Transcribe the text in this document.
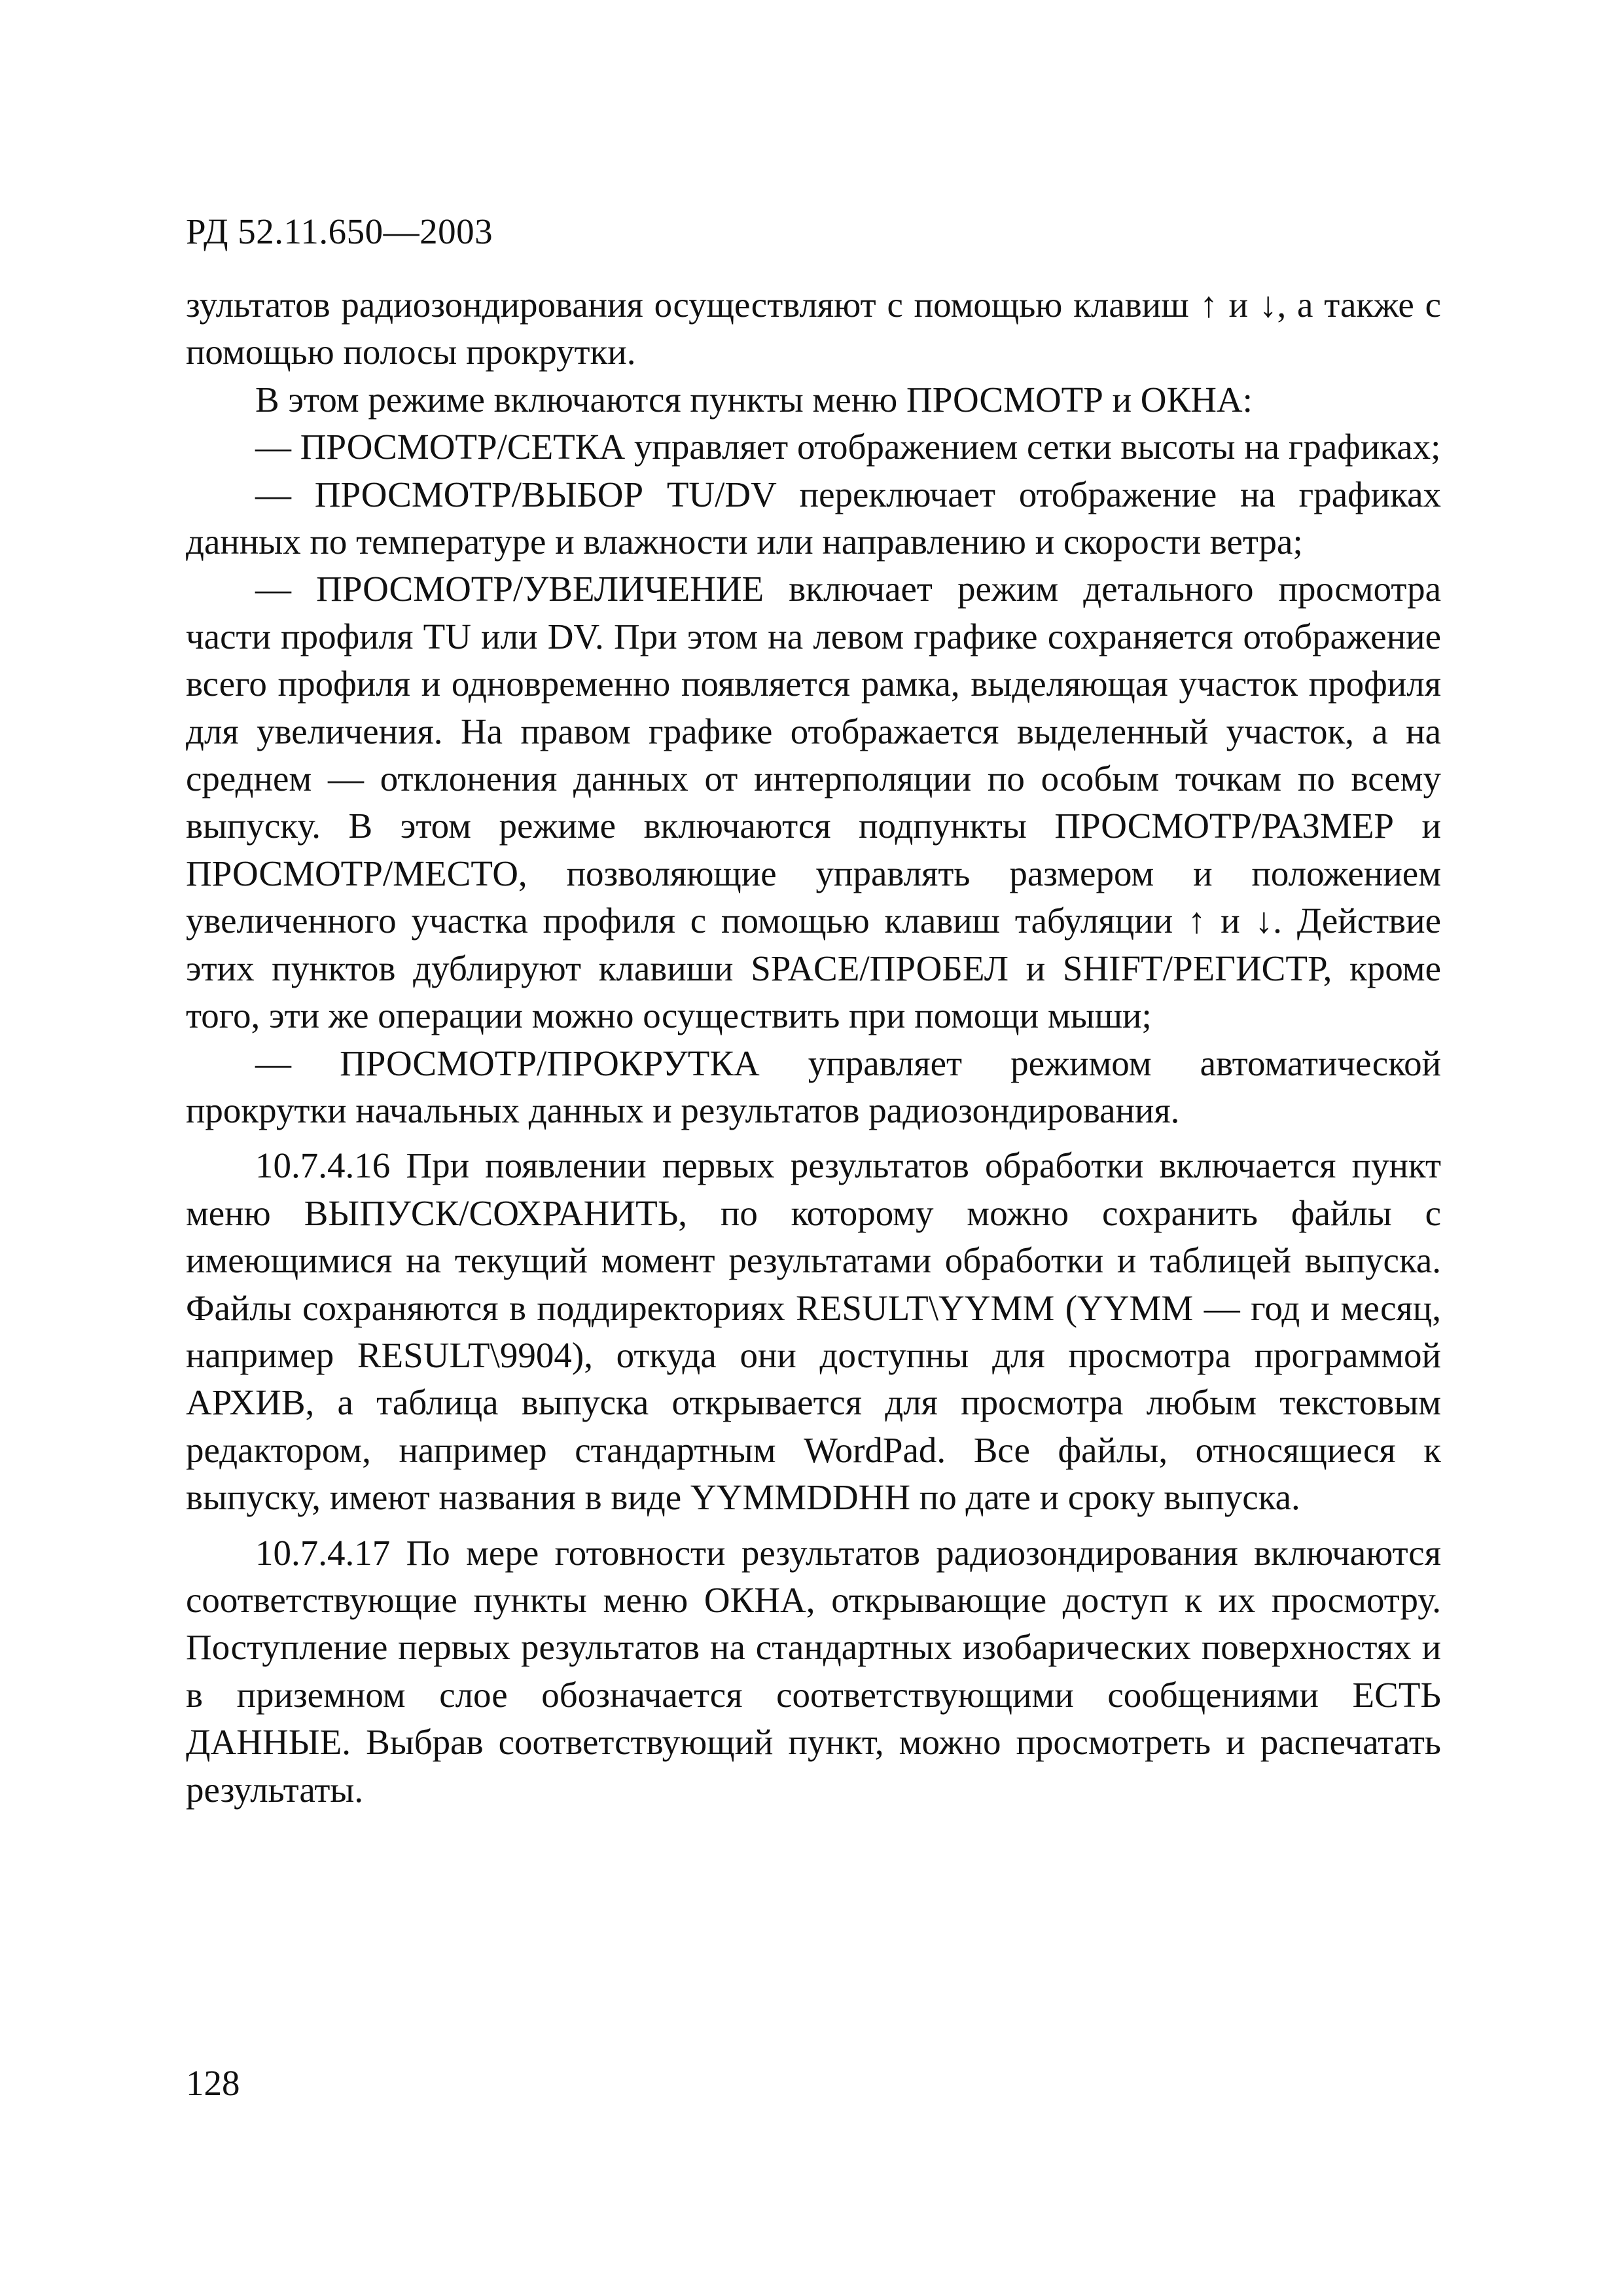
РД 52.11.650—2003

зультатов радиозондирования осуществляют с помощью клавиш ↑ и ↓, а также с помощью полосы прокрутки.

В этом режиме включаются пункты меню ПРОСМОТР и ОКНА:

— ПРОСМОТР/СЕТКА управляет отображением сетки высоты на графиках;

— ПРОСМОТР/ВЫБОР TU/DV переключает отображение на графиках данных по температуре и влажности или направлению и скорости ветра;

— ПРОСМОТР/УВЕЛИЧЕНИЕ включает режим детального просмотра части профиля TU или DV. При этом на левом графике сохраняется отображение всего профиля и одновременно появляется рамка, выделяющая участок профиля для увеличения. На правом графике отображается выделенный участок, а на среднем — отклонения данных от интерполяции по особым точкам по всему выпуску. В этом режиме включаются подпункты ПРОСМОТР/РАЗМЕР и ПРОСМОТР/МЕСТО, позволяющие управлять размером и положением увеличенного участка профиля с помощью клавиш табуляции ↑ и ↓. Действие этих пунктов дублируют клавиши SPACE/ПРОБЕЛ и SHIFT/РЕГИСТР, кроме того, эти же операции можно осуществить при помощи мыши;

— ПРОСМОТР/ПРОКРУТКА управляет режимом автоматической прокрутки начальных данных и результатов радиозондирования.

10.7.4.16 При появлении первых результатов обработки включается пункт меню ВЫПУСК/СОХРАНИТЬ, по которому можно сохранить файлы с имеющимися на текущий момент результатами обработки и таблицей выпуска. Файлы сохраняются в поддиректориях RESULT\YYMM (YYMM — год и месяц, например RESULT\9904), откуда они доступны для просмотра программой АРХИВ, а таблица выпуска открывается для просмотра любым текстовым редактором, например стандартным WordPad. Все файлы, относящиеся к выпуску, имеют названия в виде YYMMDDHH по дате и сроку выпуска.

10.7.4.17 По мере готовности результатов радиозондирования включаются соответствующие пункты меню ОКНА, открывающие доступ к их просмотру. Поступление первых результатов на стандартных изобарических поверхностях и в приземном слое обозначается соответствующими сообщениями ЕСТЬ ДАННЫЕ. Выбрав соответствующий пункт, можно просмотреть и распечатать результаты.

128
